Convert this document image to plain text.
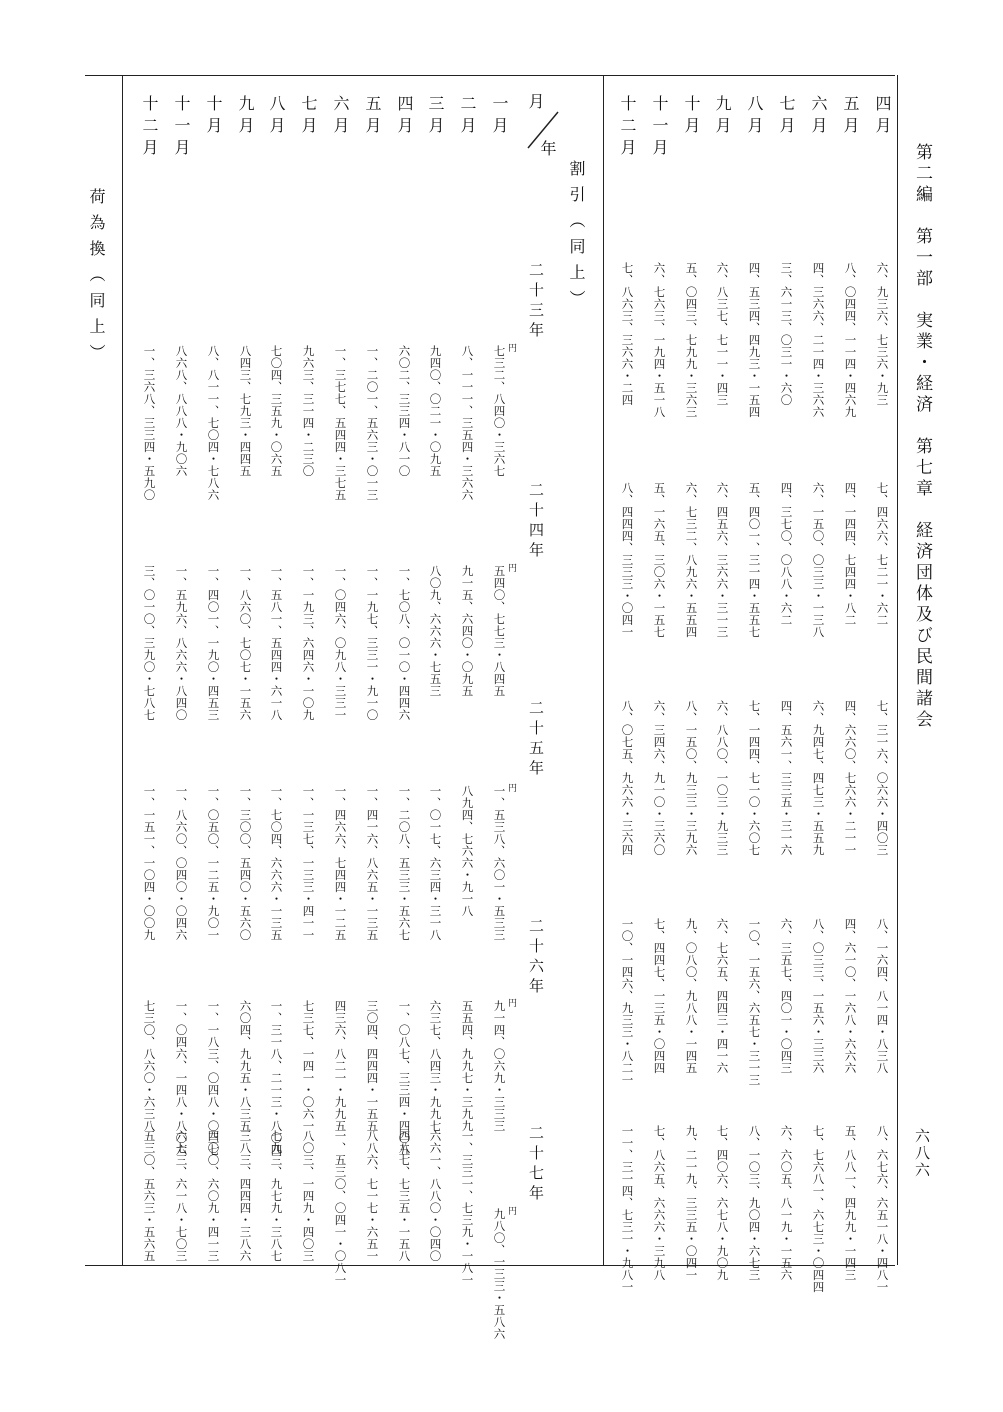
第二編　第一部　実業・経済　第七章　経済団体及び民間諸会
六八六
四月
五月
六月
七月
八月
九月
十月
十一月
十二月
六、九三六、七三六・九三
八、〇四四、一一四・四六九
四、三六六、二一四・三六六
三、六一三、〇三一・六〇
四、五三四、四九三・一五四
六、八三七、七一一・四三
五、〇四三、七九九・三六三
六、七六三、一九四・五一八
七、八六三、三六六・二四
七、四六六、七二一・六二
四、一四四、七四四・八二
六、一五〇、〇三三・一三八
四、三七〇、〇八八・六二
五、四〇一、三一四・五五七
六、四五六、三六六・三一三
六、七三二、八九六・五五四
五、一六五、三〇六・一五七
八、四四四、三三三・〇四一
七、三一六、〇六六・四〇三
四、六六〇、七六六・二一一
六、九四七、四七三・五五九
四、五六一、三三五・三一六
七、一四四、七一〇・六〇七
六、八八〇、一〇三・九三三
八、一五〇、九三三・三九六
六、三四六、九一〇・三六〇
八、〇七五、九六六・三六四
八、一六四、八一四・八三八
四、六一〇、一六八・六六六
八、〇三三、一五六・三三六
六、三五七、四〇一・〇四三
一〇、一五六、六五七・三一三
六、七六五、四四三・四一六
九、〇八〇、九八八・一四五
七、四四七、一三五・〇四四
一〇、一四六、九三三・八二一
八、六七六、六五一八・四八一
五、八八一、四九九・一四三
七、七六八一、六七三・〇四四
六、六〇五、八一九・一五六
八、一〇三、九〇四・六七三
七、四〇六、六七八・九〇九
九、二一九、三三五・〇四一
七、八六五、六六六・三九八
一一、三一四、七三一・九八一
割引（同上）
月
年
二十三年
二十四年
二十五年
二十六年
二十七年
円
円
円
円
円
一月
二月
三月
四月
五月
六月
七月
八月
九月
十月
十一月
十二月
七三二、八四〇・三六七
八、一一一、三五四・三六六
九四〇、〇二一・〇九五
六〇二、三三四・八一〇
一、二〇一、五六三・〇一三
一、三七七、五四四・三七五
九六三、三一四・二三〇
七〇四、三五九・〇六五
八四三、七九三・四四五
八、八一一、七〇四・七八六
八六八、八八八・九〇六
一、三六八、三三四・五九〇
五四〇、七七三・八四五
九一五、六四〇・〇九五
八〇九、六六六・七五三
一、七〇八、〇一〇・四四六
一、一九七、三三一・九一〇
一、〇四六、〇九八・三三一
一、一九三、六四六・一〇九
一、五八一、五四四・六一八
一、八六〇、七〇七・一五六
一、四〇一、一九〇・四五三
一、五九六、八六六・八四〇
三、〇一〇、三九〇・七八七
一、五三八、六〇一・五三三
八九四、七六六・九一八
一、〇一七、六三四・三一八
一、二〇八、五三三・五六七
一、四一六、八六五・一三五
一、四六六、七四四・一二五
一、一三七、一三三・四一一
一、七〇四、六六六・一三五
一、三〇〇、五四〇・五六〇
一、〇五〇、一二五・九〇一
一、八六〇、〇四〇・〇四六
一、一五一、一〇四・〇〇九
九一四、〇六九・三三三
五五四、九九七・三九九
六三七、八四三・九九七
一、〇八七、三三四・四〇五
三〇四、四四四・一五五
四三六、八二一・九九五
七三七、一四一・〇六一
一、三一八、二一三・八〇四
六〇四、九九五・八三五
一、一八三、〇四八・〇三七
一、〇四六、一四八・八〇六
七三〇、八六〇・六三八
九八〇、一三三・五八六
一、三三一、七三九・一八一
六六一、八八〇・〇四〇
四八七、七三五・一五八
八八六、七一七・六五一
一、五三〇、〇四一・〇八一
八〇三、一四九・四〇三
七九三、九七九・三八七
三八三、四四四・三八六
四〇〇、六〇九・四一三
六七三、六一八・七〇三
五三〇、五六三・五六五
荷為換（同上）
